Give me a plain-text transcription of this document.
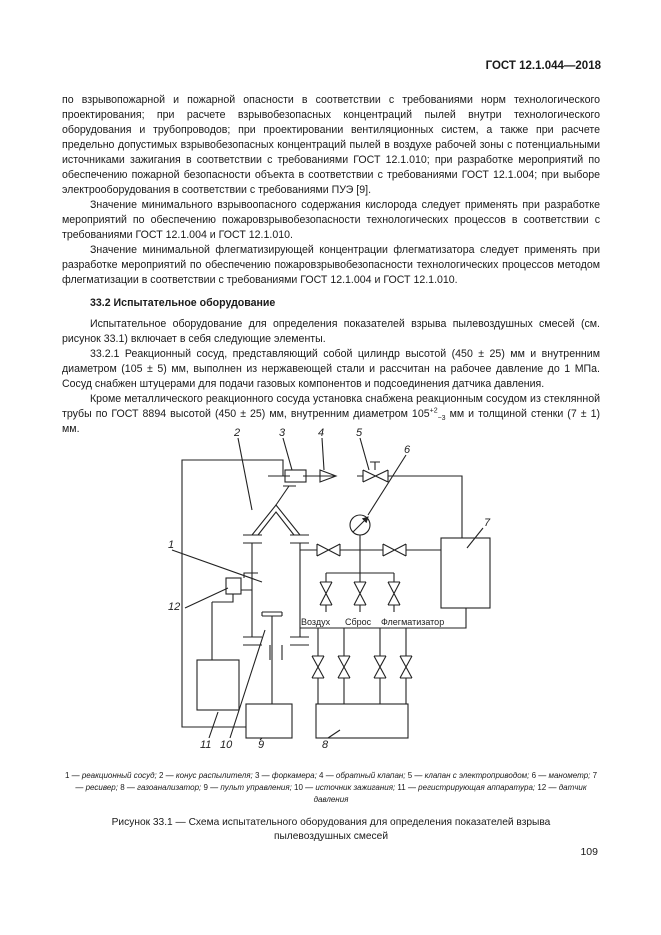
ГОСТ 12.1.044—2018

по взрывопожарной и пожарной опасности в соответствии с требованиями норм технологического проектирования; при расчете взрывобезопасных концентраций пылей внутри технологического оборудования и трубопроводов; при проектировании вентиляционных систем, а также при расчете предельно допустимых взрывобезопасных концентраций пылей в воздухе рабочей зоны с потенциальными источниками зажигания в соответствии с требованиями ГОСТ 12.1.010; при разработке мероприятий по обеспечению пожарной безопасности объекта в соответствии с требованиями ГОСТ 12.1.004; при выборе электрооборудования в соответствии с требованиями ПУЭ [9].

Значение минимального взрывоопасного содержания кислорода следует применять при разработке мероприятий по обеспечению пожаровзрывобезопасности технологических процессов в соответствии с требованиями ГОСТ 12.1.004 и ГОСТ 12.1.010.

Значение минимальной флегматизирующей концентрации флегматизатора следует применять при разработке мероприятий по обеспечению пожаровзрывобезопасности технологических процессов методом флегматизации в соответствии с требованиями ГОСТ 12.1.004 и ГОСТ 12.1.010.

33.2 Испытательное оборудование

Испытательное оборудование для определения показателей взрыва пылевоздушных смесей (см. рисунок 33.1) включает в себя следующие элементы.

33.2.1 Реакционный сосуд, представляющий собой цилиндр высотой (450 ± 25) мм и внутренним диаметром (105 ± 5) мм, выполнен из нержавеющей стали и рассчитан на рабочее давление до 1 МПа. Сосуд снабжен штуцерами для подачи газовых компонентов и подсоединения датчика давления.

Кроме металлического реакционного сосуда установка снабжена реакционным сосудом из стеклянной трубы по ГОСТ 8894 высотой (450 ± 25) мм, внутренним диаметром $105^{+2}_{-3}$ мм и толщиной стенки (7 ± 1) мм.	2	3	4	5
6
7
1
12
11 10 9	8
Воздух Сброс Флегматизатор
1 — реакционный сосуд; 2 — конус распылителя; 3 — форкамера; 4 — обратный клапан; 5 — клапан с электроприводом; 6 — манометр; 7 — ресивер; 8 — газоанализатор; 9 — пульт управления; 10 — источник зажигания; 11 — регистрирующая аппаратура; 12 — датчик давления
Рисунок 33.1 — Схема испытательного оборудования для определения показателей взрыва
пылевоздушных смесей
109
